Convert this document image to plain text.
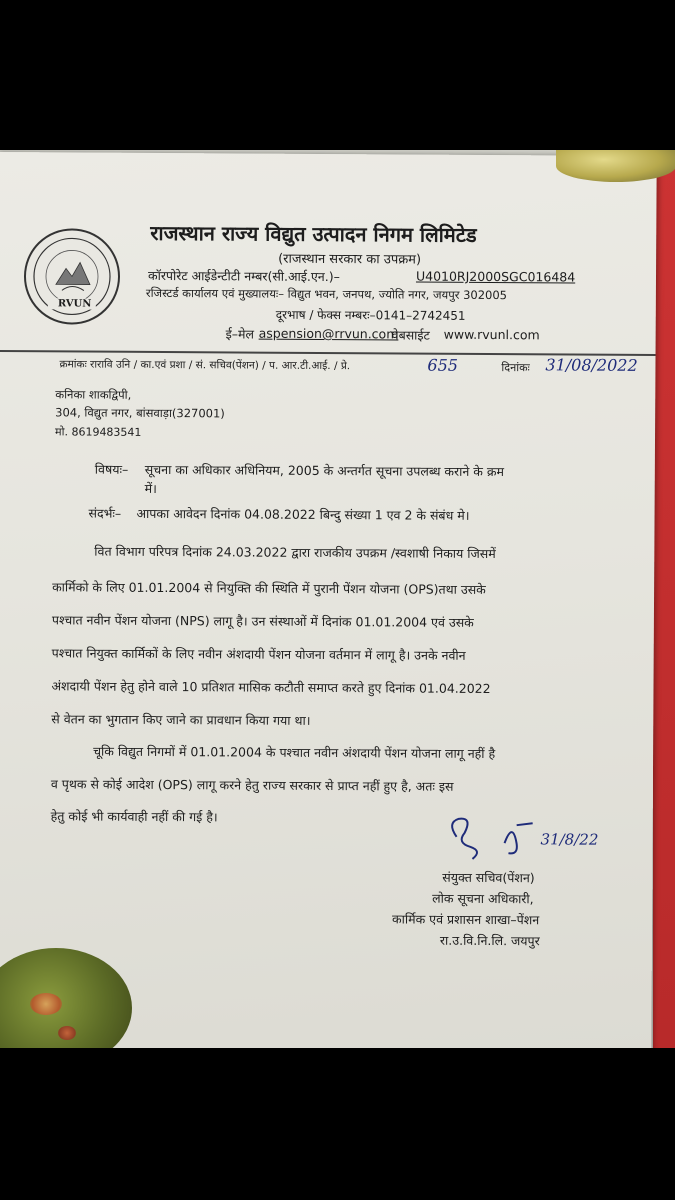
RVUN
राजस्थान राज्य विद्युत उत्पादन निगम लिमिटेड
(राजस्थान सरकार का उपक्रम)
कॉरपोरेट आईडेन्टीटी नम्बर(सी.आई.एन.)–	U4010RJ2000SGC016484
रजिस्टर्ड कार्यालय एवं मुख्यालयः– विद्युत भवन, जनपथ, ज्योति नगर, जयपुर 302005
दूरभाष / फेक्स नम्बरः–0141–2742451
ई–मेल aspension@rrvun.com
वेबसाईट www.rvunl.com
क्रमांकः रारावि उनि / का.एवं प्रशा / सं. सचिव(पेंशन) / प. आर.टी.आई. / प्रे.	655	दिनांकः 31/08/2022
कनिका शाकद्विपी,
304, विद्युत नगर, बांसवाड़ा(327001)
मो. 8619483541
विषयः– सूचना का अधिकार अधिनियम, 2005 के अन्तर्गत सूचना उपलब्ध कराने के क्रम
में।
संदर्भः– आपका आवेदन दिनांक 04.08.2022 बिन्दु संख्या 1 एव 2 के संबंध मे।
वित विभाग परिपत्र दिनांक 24.03.2022 द्वारा राजकीय उपक्रम /स्वशाषी निकाय जिसमें
कार्मिको के लिए 01.01.2004 से नियुक्ति की स्थिति में पुरानी पेंशन योजना (OPS)तथा उसके
पश्चात नवीन पेंशन योजना (NPS) लागू है। उन संस्थाओं में दिनांक 01.01.2004 एवं उसके
पश्चात नियुक्त कार्मिकों के लिए नवीन अंशदायी पेंशन योजना वर्तमान में लागू है। उनके नवीन
अंशदायी पेंशन हेतु होने वाले 10 प्रतिशत मासिक कटौती समाप्त करते हुए दिनांक 01.04.2022
से वेतन का भुगतान किए जाने का प्रावधान किया गया था।
चूकि विद्युत निगमों में 01.01.2004 के पश्चात नवीन अंशदायी पेंशन योजना लागू नहीं है
व पृथक से कोई आदेश (OPS) लागू करने हेतु राज्य सरकार से प्राप्त नहीं हुए है, अतः इस
हेतु कोई भी कार्यवाही नहीं की गई है।
31/8/22
संयुक्त सचिव(पेंशन)
लोक सूचना अधिकारी,
कार्मिक एवं प्रशासन शाखा–पेंशन
रा.उ.वि.नि.लि. जयपुर
